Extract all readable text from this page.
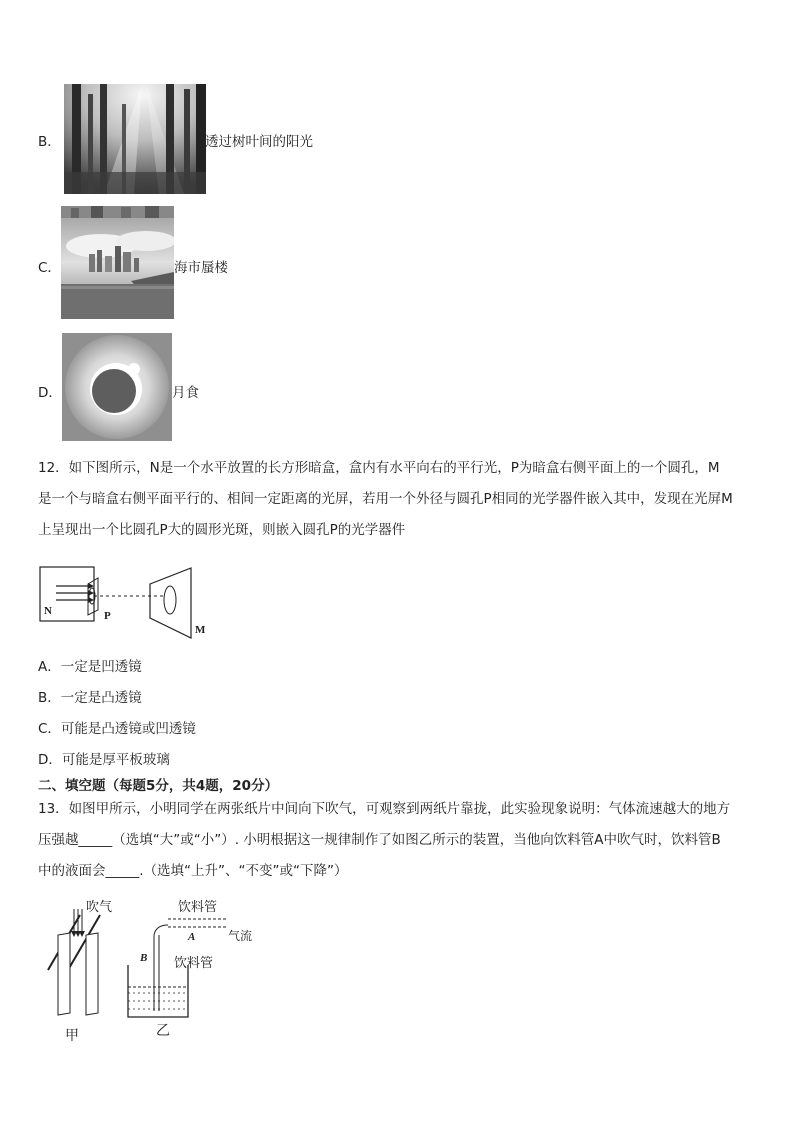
B．	透过树叶间的阳光
C．	海市蜃楼
D．	月食
12．如下图所示，N是一个水平放置的长方形暗盒，盒内有水平向右的平行光，P为暗盒右侧平面上的一个圆孔，M
是一个与暗盒右侧平面平行的、相间一定距离的光屏，若用一个外径与圆孔P相同的光学器件嵌入其中，发现在光屏M
上呈现出一个比圆孔P大的圆形光斑，则嵌入圆孔P的光学器件
N	P
M
A．一定是凹透镜
B．一定是凸透镜
C．可能是凸透镜或凹透镜
D．可能是厚平板玻璃
二、填空题（每题5分，共4题，20分）
13．如图甲所示，小明同学在两张纸片中间向下吹气，可观察到两纸片靠拢，此实验现象说明：气体流速越大的地方
压强越_____（选填“大”或“小”）. 小明根据这一规律制作了如图乙所示的装置，当他向饮料管A中吹气时，饮料管B
中的液面会_____.（选填“上升”、“不变”或“下降”）
吹气
甲
饮料管
饮料管
气流
A
B
乙
